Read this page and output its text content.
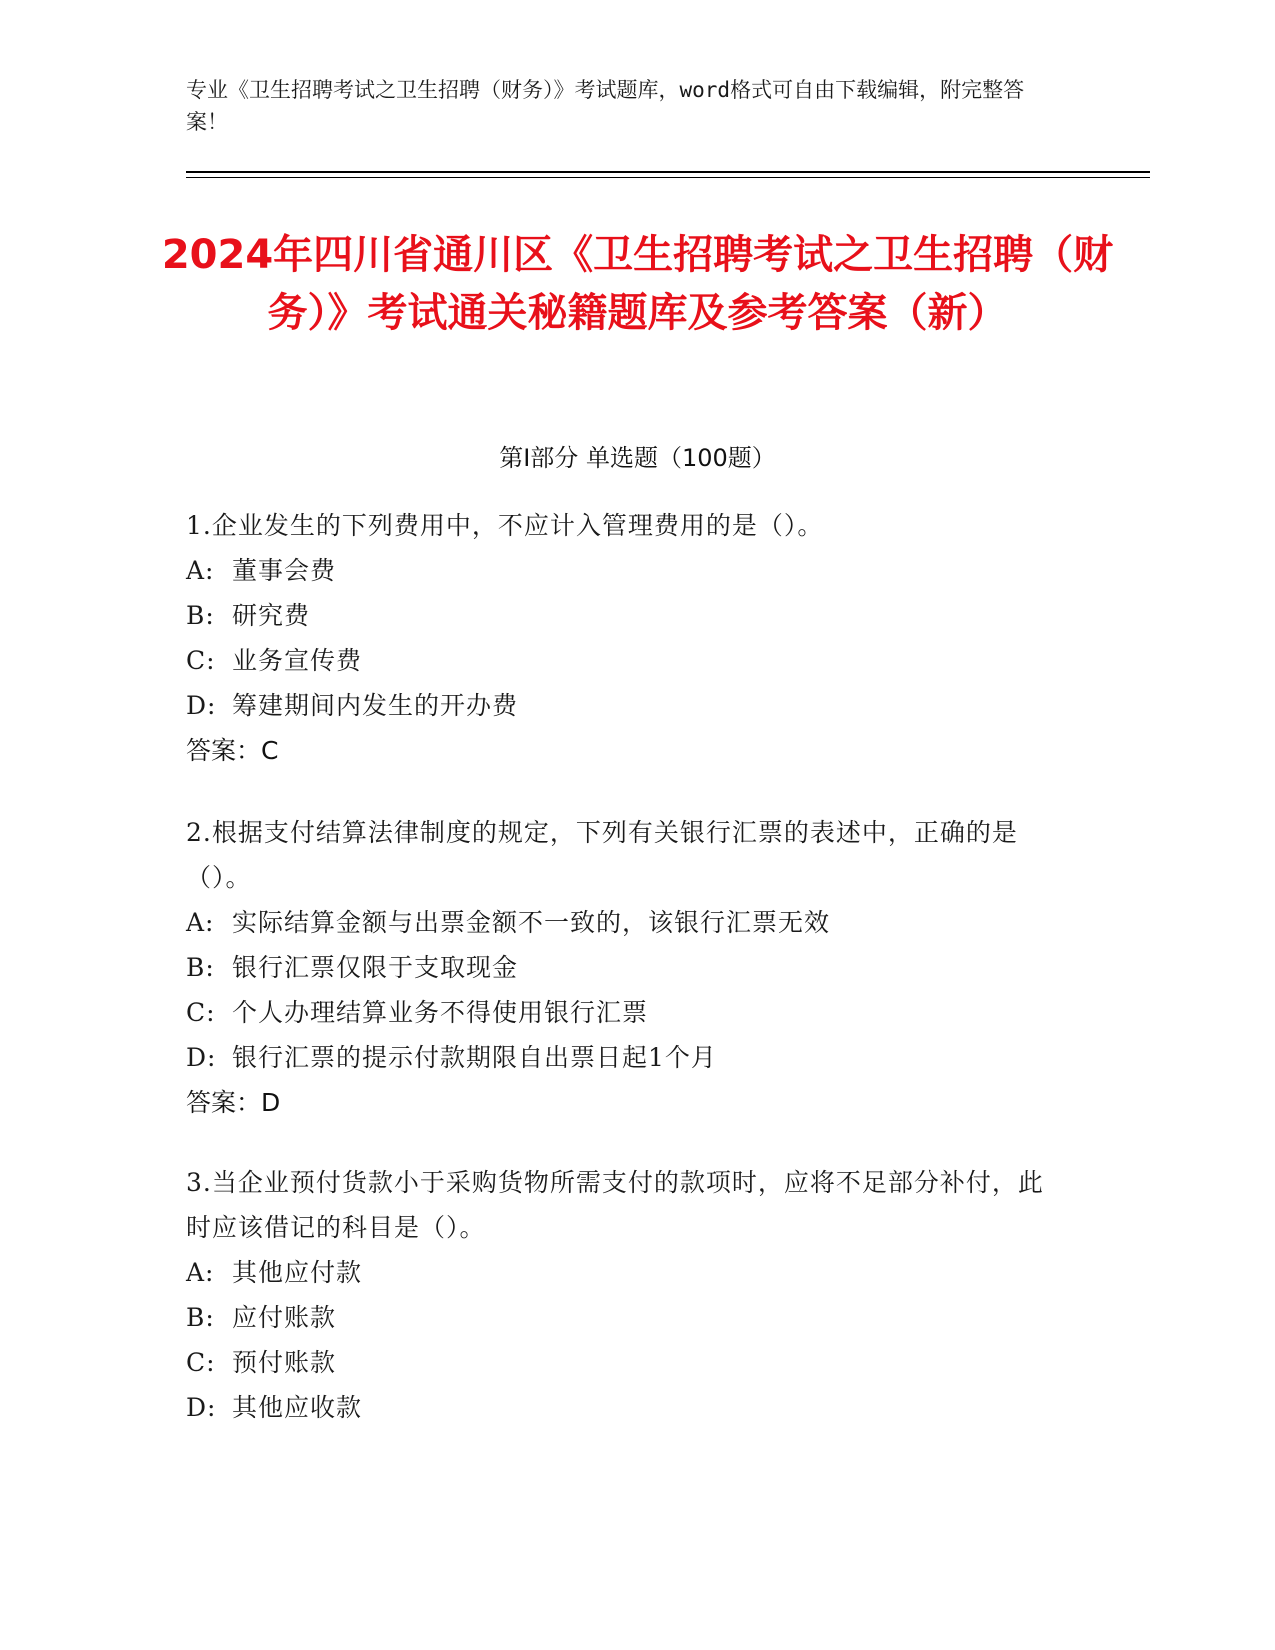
专业《卫生招聘考试之卫生招聘（财务）》考试题库，word格式可自由下载编辑，附完整答案！
2024年四川省通川区《卫生招聘考试之卫生招聘（财务）》考试通关秘籍题库及参考答案（新）
第Ⅰ部分 单选题（100题）
1.企业发生的下列费用中，不应计入管理费用的是（）。
A: 董事会费
B: 研究费
C: 业务宣传费
D: 筹建期间内发生的开办费
答案：C
2.根据支付结算法律制度的规定，下列有关银行汇票的表述中，正确的是（）。
A: 实际结算金额与出票金额不一致的，该银行汇票无效
B: 银行汇票仅限于支取现金
C: 个人办理结算业务不得使用银行汇票
D: 银行汇票的提示付款期限自出票日起1个月
答案：D
3.当企业预付货款小于采购货物所需支付的款项时，应将不足部分补付，此时应该借记的科目是（）。
A: 其他应付款
B: 应付账款
C: 预付账款
D: 其他应收款
